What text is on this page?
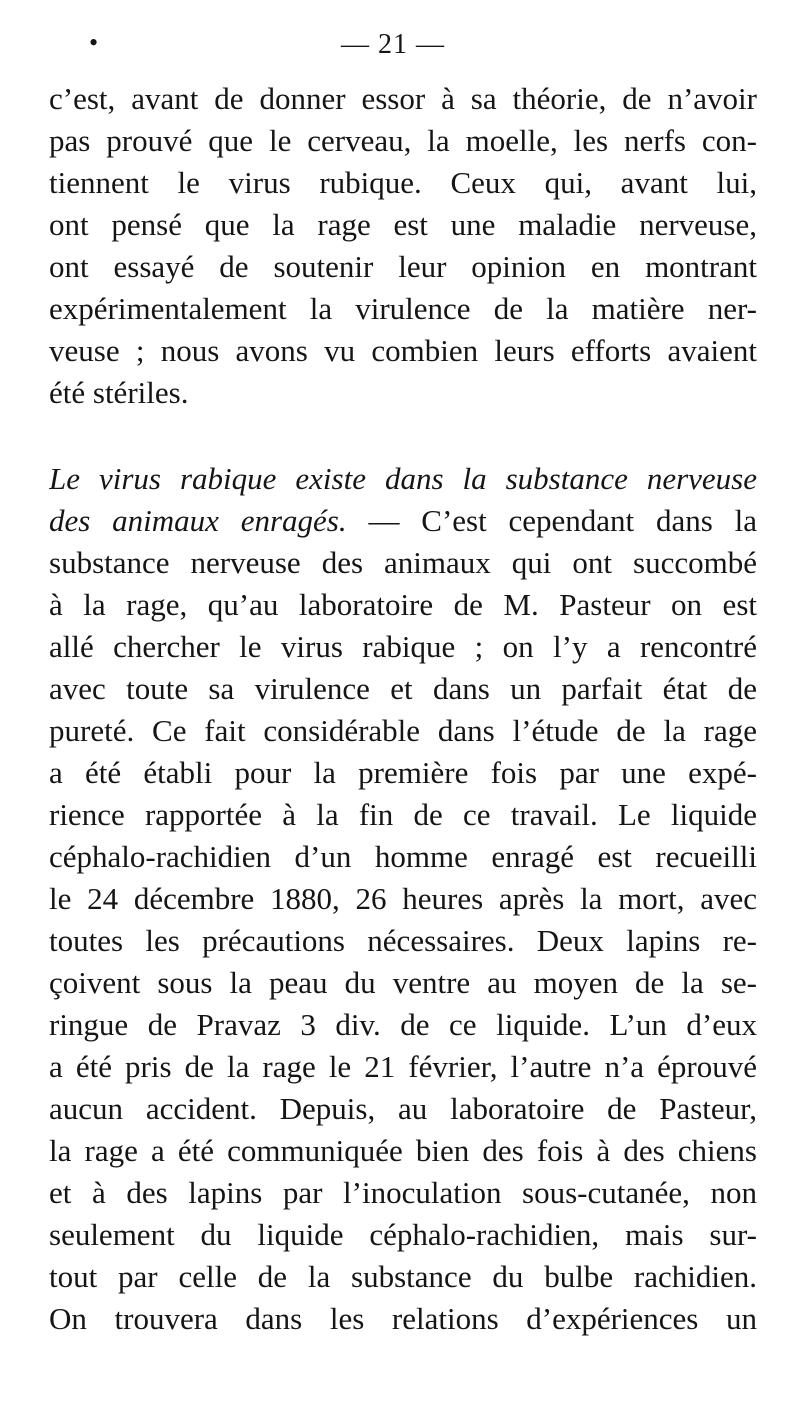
•	— 21 —
c’est, avant de donner essor à sa théorie, de n’avoir
pas prouvé que le cerveau, la moelle, les nerfs con-
tiennent le virus rubique. Ceux qui, avant lui,
ont pensé que la rage est une maladie nerveuse,
ont essayé de soutenir leur opinion en montrant
expérimentalement la virulence de la matière ner-
veuse ; nous avons vu combien leurs efforts avaient
été stériles.
Le virus rabique existe dans la substance nerveuse
des animaux enragés. — C’est cependant dans la
substance nerveuse des animaux qui ont succombé
à la rage, qu’au laboratoire de M. Pasteur on est
allé chercher le virus rabique ; on l’y a rencontré
avec toute sa virulence et dans un parfait état de
pureté. Ce fait considérable dans l’étude de la rage
a été établi pour la première fois par une expé-
rience rapportée à la fin de ce travail. Le liquide
céphalo-rachidien d’un homme enragé est recueilli
le 24 décembre 1880, 26 heures après la mort, avec
toutes les précautions nécessaires. Deux lapins re-
çoivent sous la peau du ventre au moyen de la se-
ringue de Pravaz 3 div. de ce liquide. L’un d’eux
a été pris de la rage le 21 février, l’autre n’a éprouvé
aucun accident. Depuis, au laboratoire de Pasteur,
la rage a été communiquée bien des fois à des chiens
et à des lapins par l’inoculation sous-cutanée, non
seulement du liquide céphalo-rachidien, mais sur-
tout par celle de la substance du bulbe rachidien.
On trouvera dans les relations d’expériences un
